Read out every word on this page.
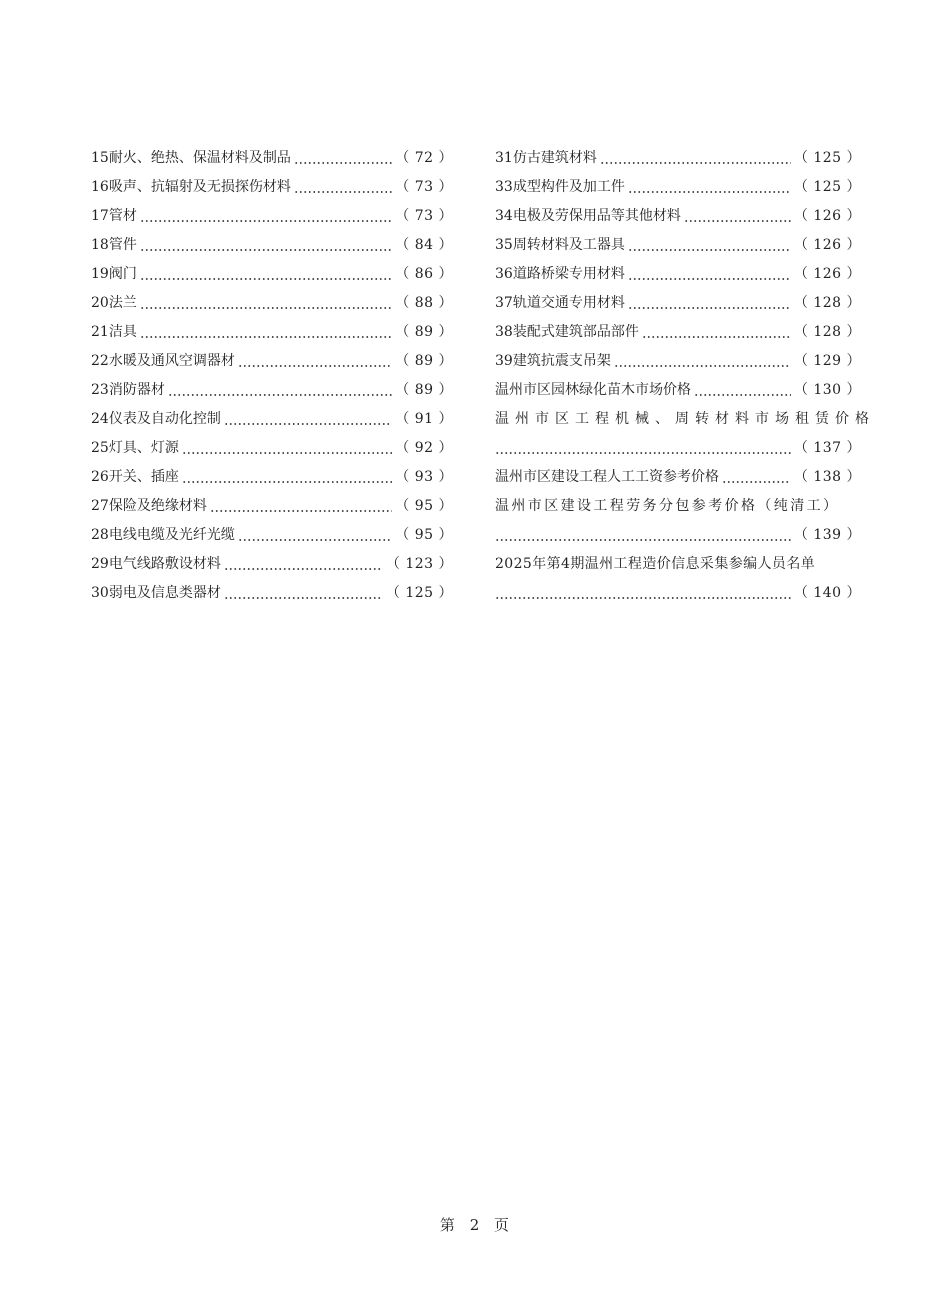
15耐火、绝热、保温材料及制品	（ 72 ）
16吸声、抗辐射及无损探伤材料	（ 73 ）
17管材	（ 73 ）
18管件	（ 84 ）
19阀门	（ 86 ）
20法兰	（ 88 ）
21洁具	（ 89 ）
22水暖及通风空调器材	（ 89 ）
23消防器材	（ 89 ）
24仪表及自动化控制	（ 91 ）
25灯具、灯源	（ 92 ）
26开关、插座	（ 93 ）
27保险及绝缘材料	（ 95 ）
28电线电缆及光纤光缆	（ 95 ）
29电气线路敷设材料	（ 123 ）
30弱电及信息类器材	（ 125 ）
31仿古建筑材料	（ 125 ）
33成型构件及加工件	（ 125 ）
34电极及劳保用品等其他材料	（ 126 ）
35周转材料及工器具	（ 126 ）
36道路桥梁专用材料	（ 126 ）
37轨道交通专用材料	（ 128 ）
38装配式建筑部品部件	（ 128 ）
39建筑抗震支吊架	（ 129 ）
温州市区园林绿化苗木市场价格	（ 130 ）
温州市区工程机械、周转材料市场租赁价格
（ 137 ）
温州市区建设工程人工工资参考价格	（ 138 ）
温州市区建设工程劳务分包参考价格（纯清工）
（ 139 ）
2025年第4期温州工程造价信息采集参编人员名单
（ 140 ）
第 2 页
